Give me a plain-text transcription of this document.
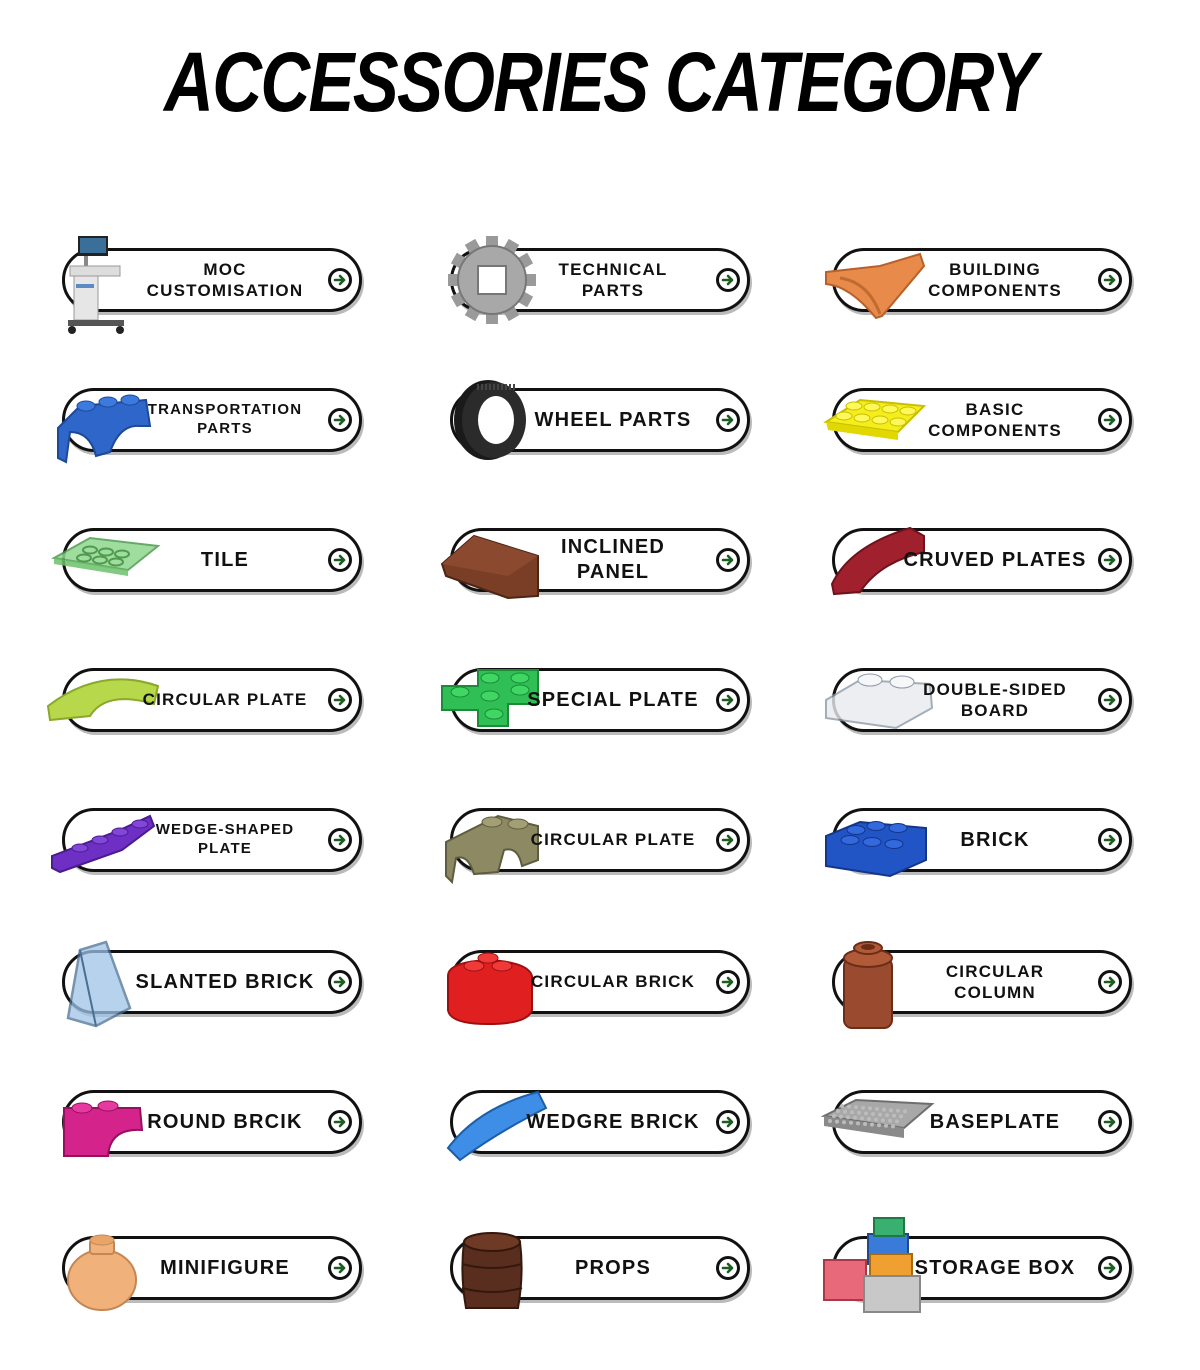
ACCESSORIES CATEGORY
MOC
CUSTOMISATION
TECHNICAL
PARTS
BUILDING
COMPONENTS
TRANSPORTATION
PARTS	WHEEL PARTS	BASIC
COMPONENTS
TILE
INCLINED
PANEL
CRUVED PLATES
CIRCULAR PLATE	SPECIAL PLATE	DOUBLE-SIDED
BOARD
WEDGE-SHAPED
PLATE	CIRCULAR PLATE	BRICK
SLANTED BRICK	CIRCULAR BRICK
CIRCULAR COLUMN
ROUND BRCIK	WEDGRE BRICK	BASEPLATE
MINIFIGURE	PROPS	STORAGE BOX
